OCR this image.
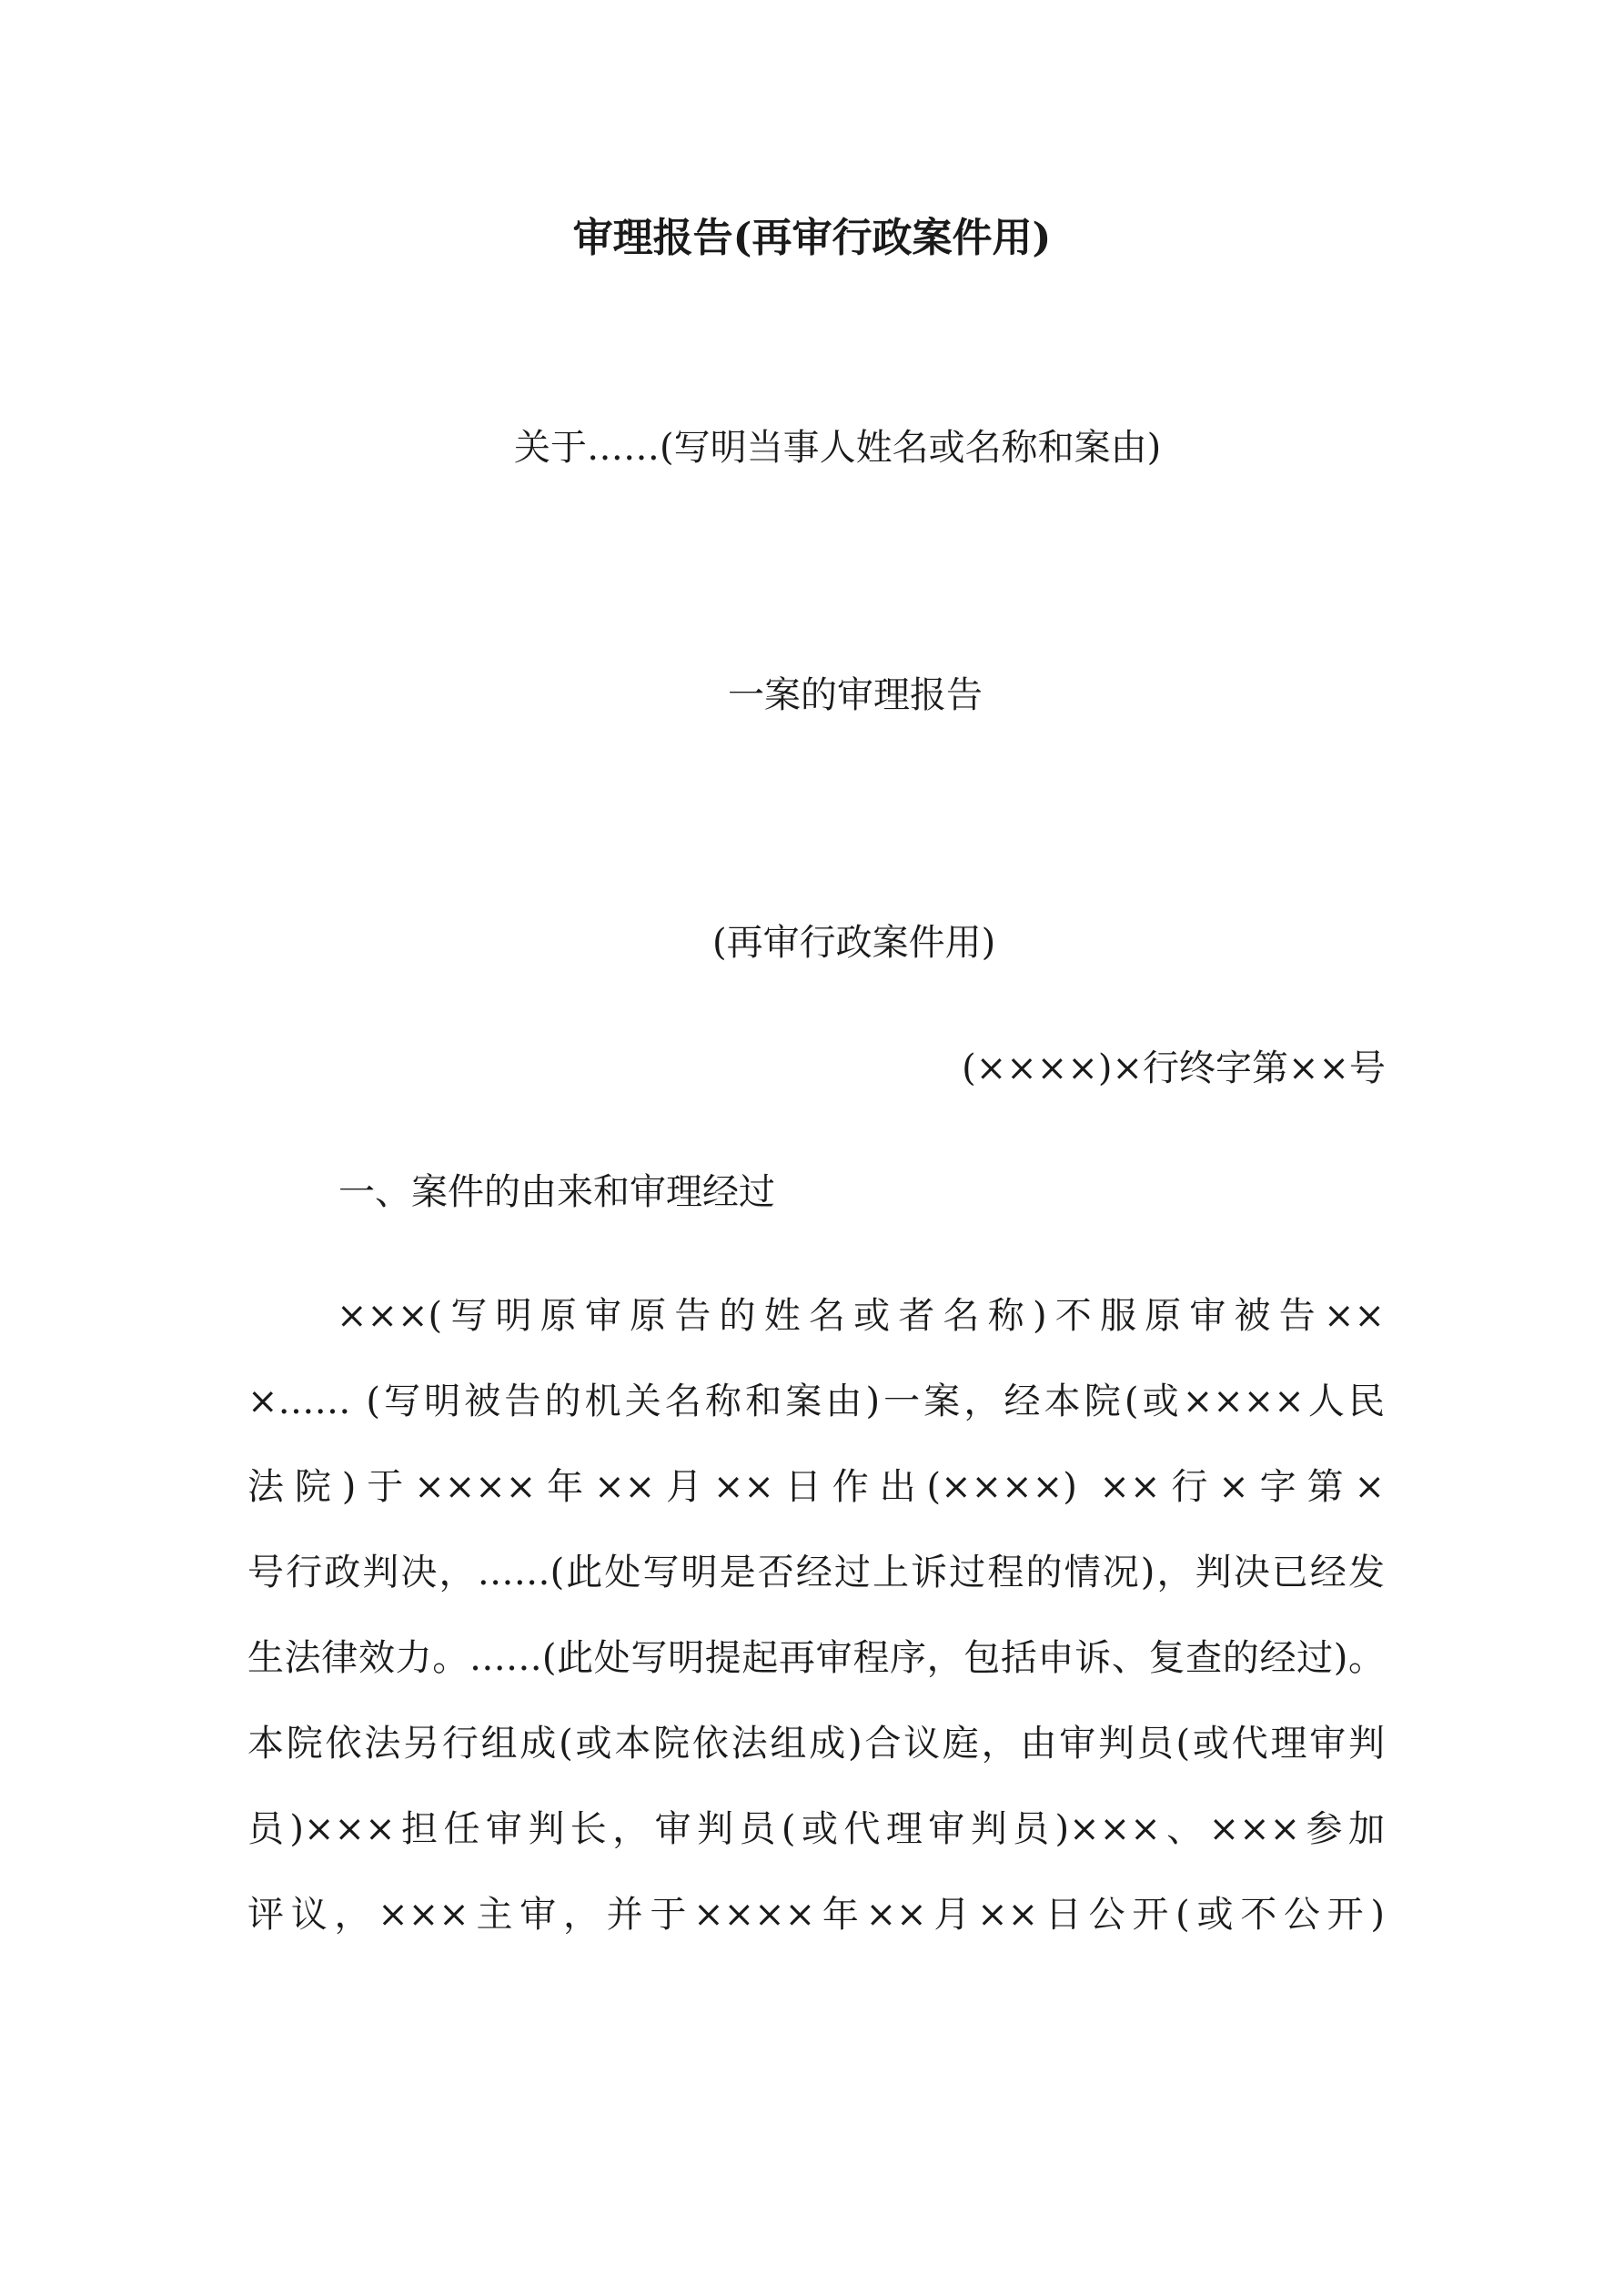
审理报告(再审行政案件用)
关于……(写明当事人姓名或名称和案由)
一案的审理报告
(再审行政案件用)
(××××)×行终字第××号
一、案件的由来和审理经过
×××(写明原审原告的姓名或者名称)不服原审被告××
×…… (写明被告的机关名称和案由)一案，经本院(或××××人民
法院)于××××年××月××日作出(××××) ××行×字第×
号行政判决，……(此处写明是否经过上诉过程的情况)，判决已经发
生法律效力。……(此处写明提起再审程序，包括申诉、复查的经过)。
本院依法另行组成(或本院依法组成)合议庭，由审判员(或代理审判
员)×××担任审判长，审判员(或代理审判员)×××、×××参加
评议，×××主审，并于××××年××月××日公开(或不公开)
